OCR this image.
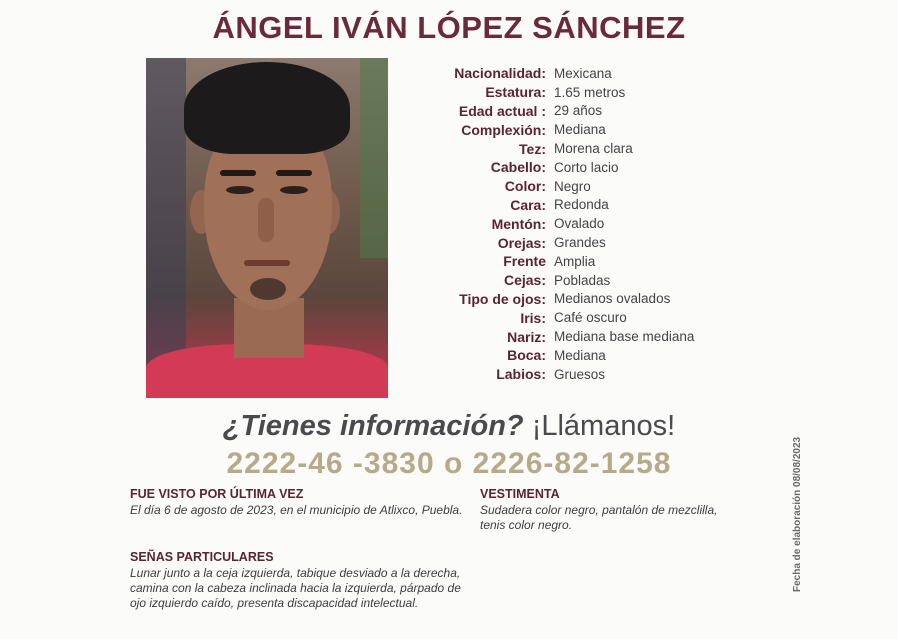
ÁNGEL IVÁN LÓPEZ SÁNCHEZ
Nacionalidad: Mexicana
Estatura: 1.65 metros
Edad actual : 29 años
Complexión: Mediana
Tez: Morena clara
Cabello: Corto lacio
Color: Negro
Cara: Redonda
Mentón: Ovalado
Orejas: Grandes
Frente Amplia
Cejas: Pobladas
Tipo de ojos: Medianos ovalados
Iris: Café oscuro
Nariz: Mediana base mediana
Boca: Mediana
Labios: Gruesos
¿Tienes información? ¡Llámanos!
2222-46 -3830 o 2226-82-1258
FUE VISTO POR ÚLTIMA VEZ
El día 6 de agosto de 2023, en el municipio de Atlixco, Puebla.
VESTIMENTA
Sudadera color negro, pantalón de mezclilla, tenis color negro.
SEÑAS PARTICULARES
Lunar junto a la ceja izquierda, tabique desviado a la derecha, camina con la cabeza inclinada hacia la izquierda, párpado de ojo izquierdo caído, presenta discapacidad intelectual.
Fecha de elaboración 08/08/2023
